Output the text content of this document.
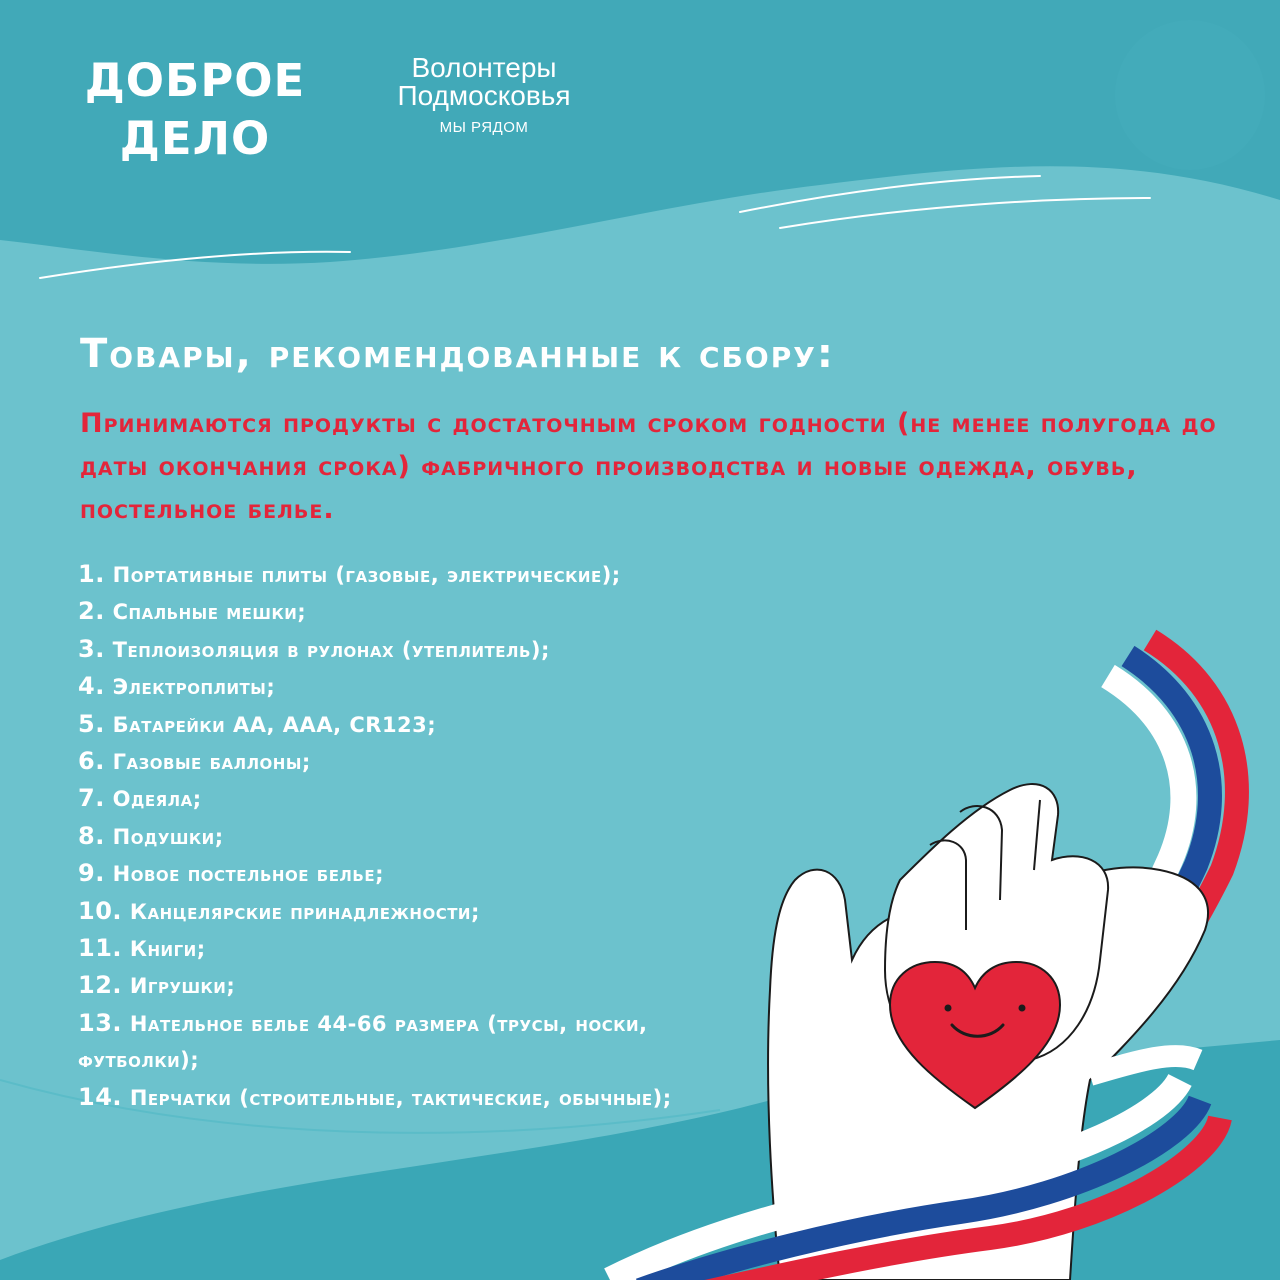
ДОБРОЕ
ДЕЛО
Волонтеры
Подмосковья
МЫ РЯДОМ
Товары, рекомендованные к сбору:
Принимаются продукты с достаточным сроком годности (не менее полугода до даты окончания срока) фабричного производства и новые одежда, обувь, постельное белье.
1. Портативные плиты (газовые, электрические);
2. Спальные мешки;
3. Теплоизоляция в рулонах (утеплитель);
4. Электроплиты;
5. Батарейки АА, ААА, CR123;
6. Газовые баллоны;
7. Одеяла;
8. Подушки;
9. Новое постельное белье;
10. Канцелярские принадлежности;
11. Книги;
12. Игрушки;
13. Нательное белье 44-66 размера (трусы, носки, футболки);
14. Перчатки (строительные, тактические, обычные);
